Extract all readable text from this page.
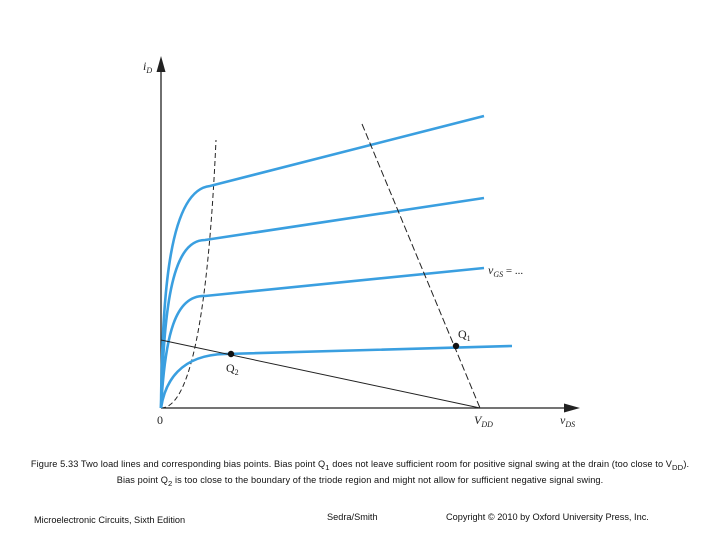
$i_D$
0	$V_{DD}$	$v_{DS}$
$v_{GS}$ = ...
$Q_1$
$Q_2$
Figure 5.33 Two load lines and corresponding bias points. Bias point $Q_1$ does not leave sufficient room for positive signal swing at the drain (too close to $V_{DD}$). Bias point $Q_2$ is too close to the boundary of the triode region and might not allow for sufficient negative signal swing.
Microelectronic Circuits, Sixth Edition	Sedra/Smith	Copyright © 2010 by Oxford University Press, Inc.
